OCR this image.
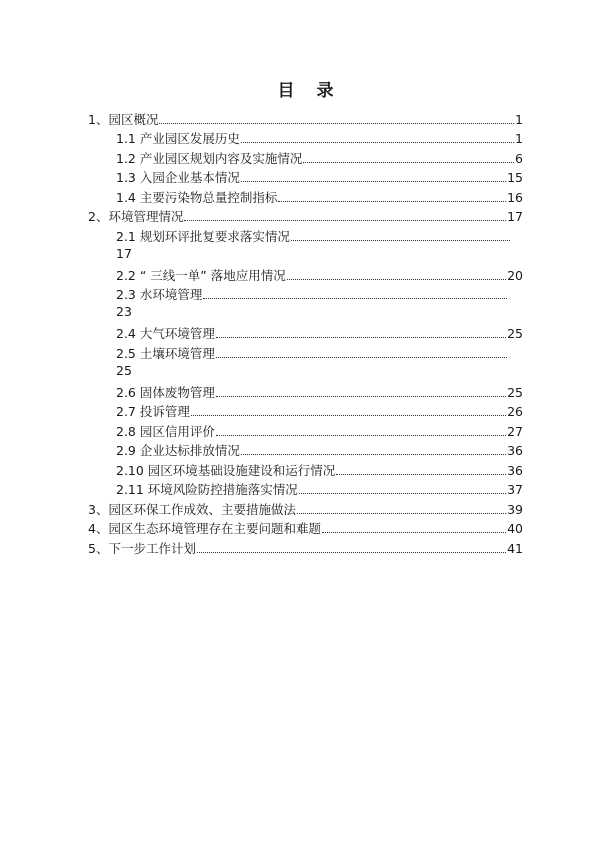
目 录
1、园区概况	1
1.1 产业园区发展历史	1
1.2 产业园区规划内容及实施情况	6
1.3 入园企业基本情况	15
1.4 主要污染物总量控制指标	16
2、环境管理情况	17
2.1 规划环评批复要求落实情况
17
2.2 “ 三线一单” 落地应用情况	20
2.3 水环境管理
23
2.4 大气环境管理	25
2.5 土壤环境管理
25
2.6 固体废物管理	25
2.7 投诉管理	26
2.8 园区信用评价	27
2.9 企业达标排放情况	36
2.10 园区环境基础设施建设和运行情况	36
2.11 环境风险防控措施落实情况	37
3、园区环保工作成效、主要措施做法	39
4、园区生态环境管理存在主要问题和难题	40
5、下一步工作计划	41
